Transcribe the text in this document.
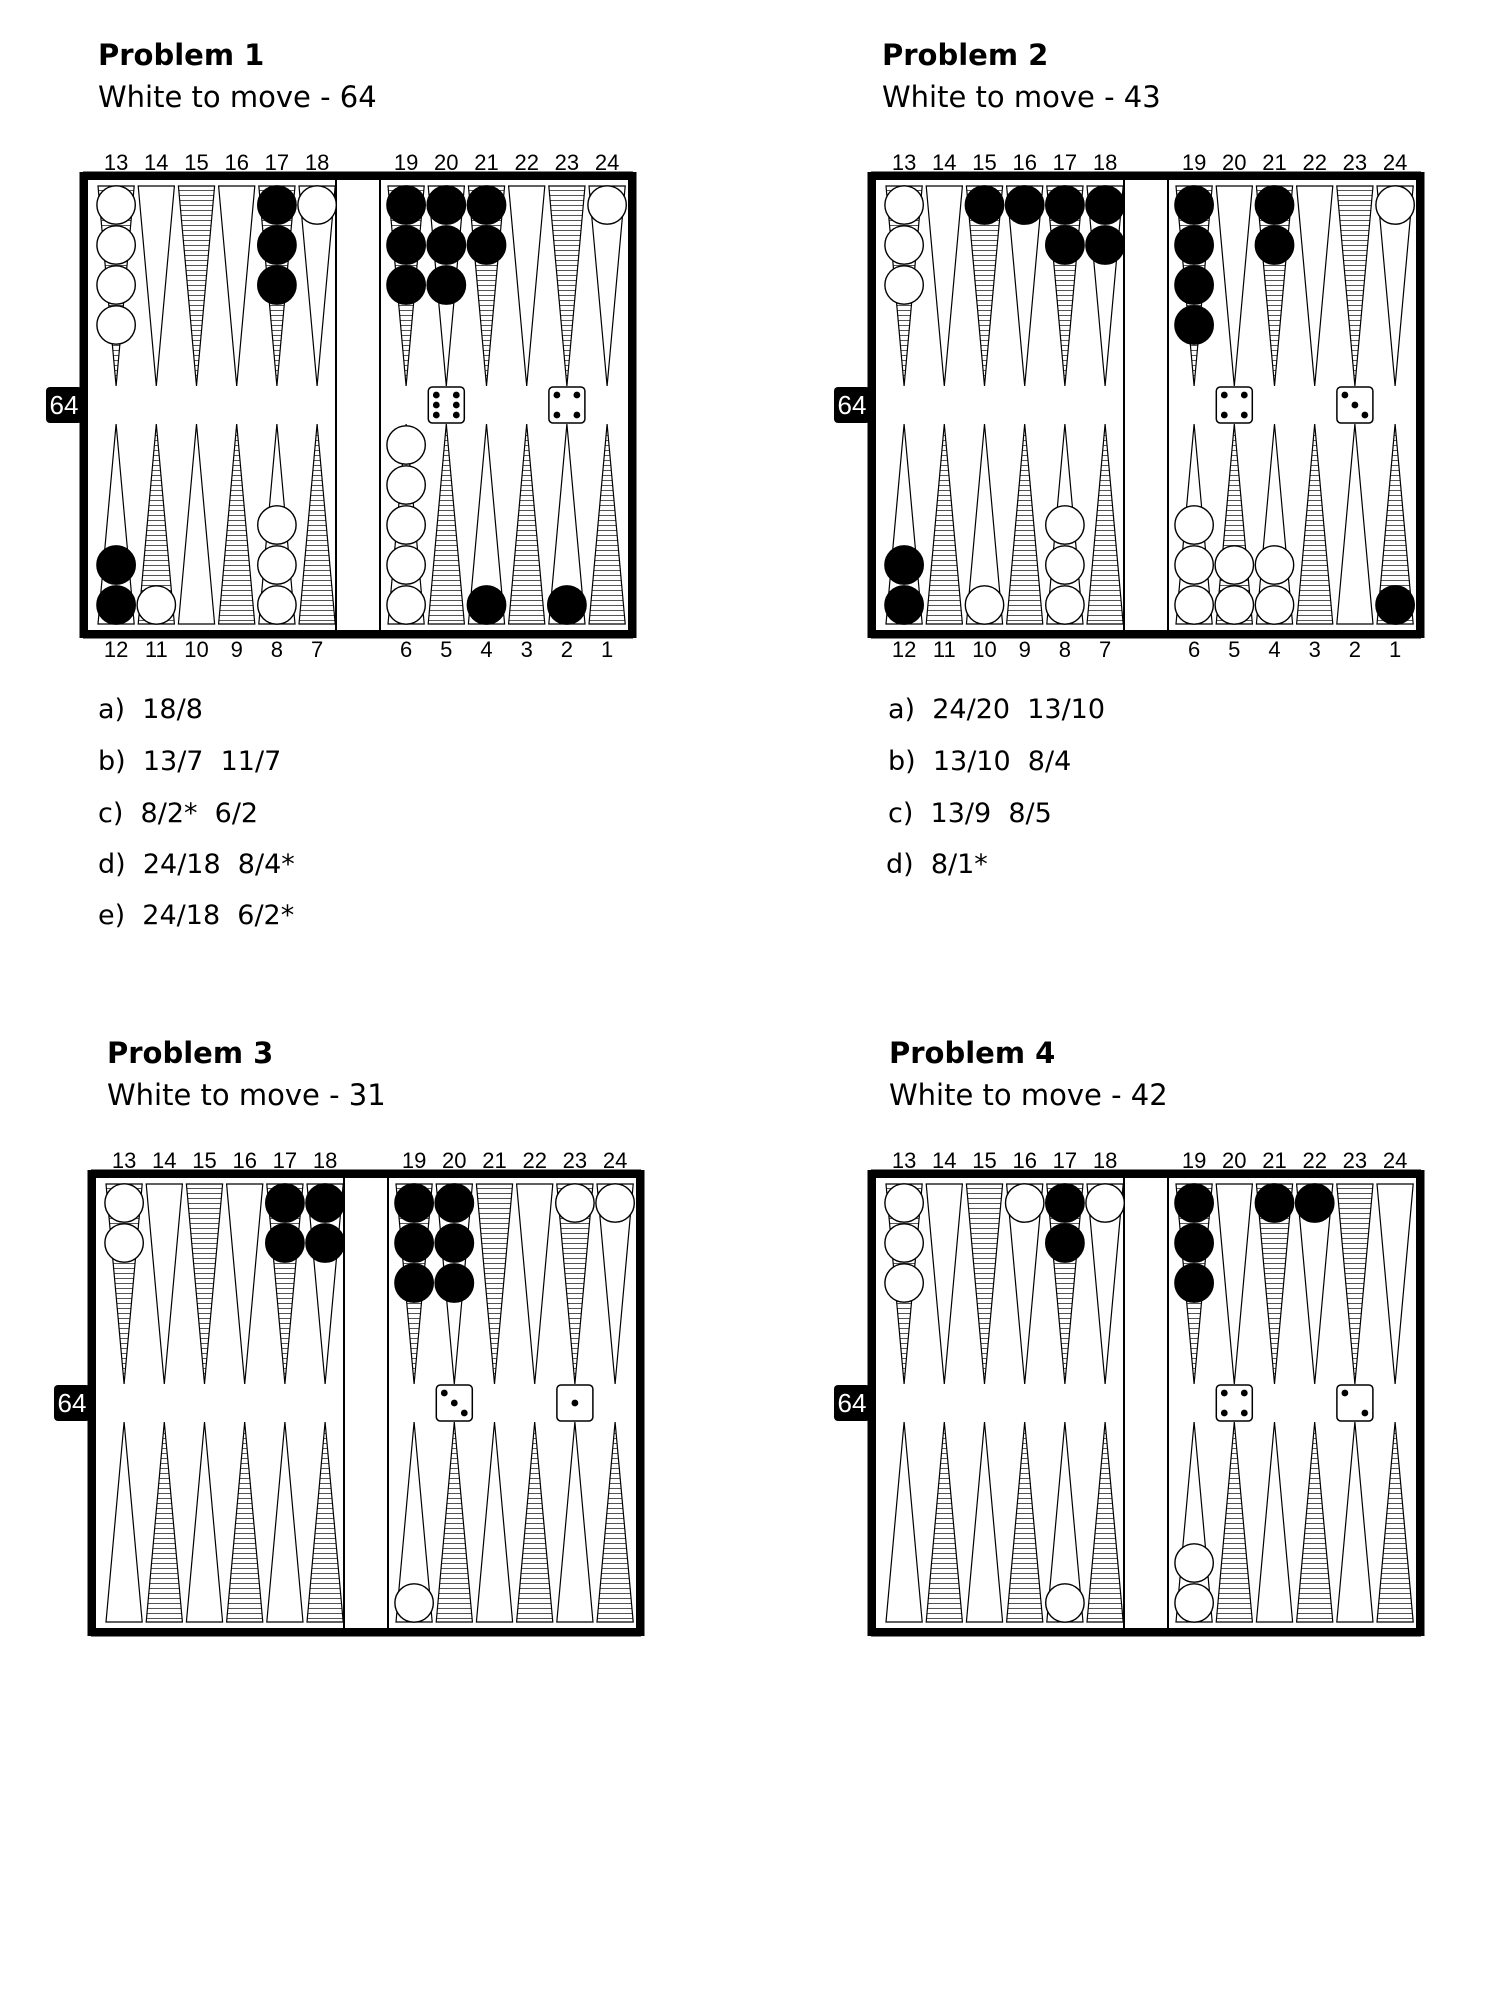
Problem 1
White to move - 64
13 14 15 16 17 18	19 20 21 22 23 24
12 11 10 9 8 7	6 5 4 3 2 1
64
a)  18/8
b)  13/7  11/7
c)  8/2*  6/2
d)  24/18  8/4*
e)  24/18  6/2*
Problem 2
White to move - 43
13 14 15 16 17 18	19 20 21 22 23 24
12 11 10 9 8 7	6 5 4 3 2 1
64
a)  24/20  13/10
b)  13/10  8/4
c)  13/9  8/5
d)  8/1*
Problem 3
White to move - 31
13 14 15 16 17 18	19 20 21 22 23 24
64
Problem 4
White to move - 42
13 14 15 16 17 18	19 20 21 22 23 24
64
